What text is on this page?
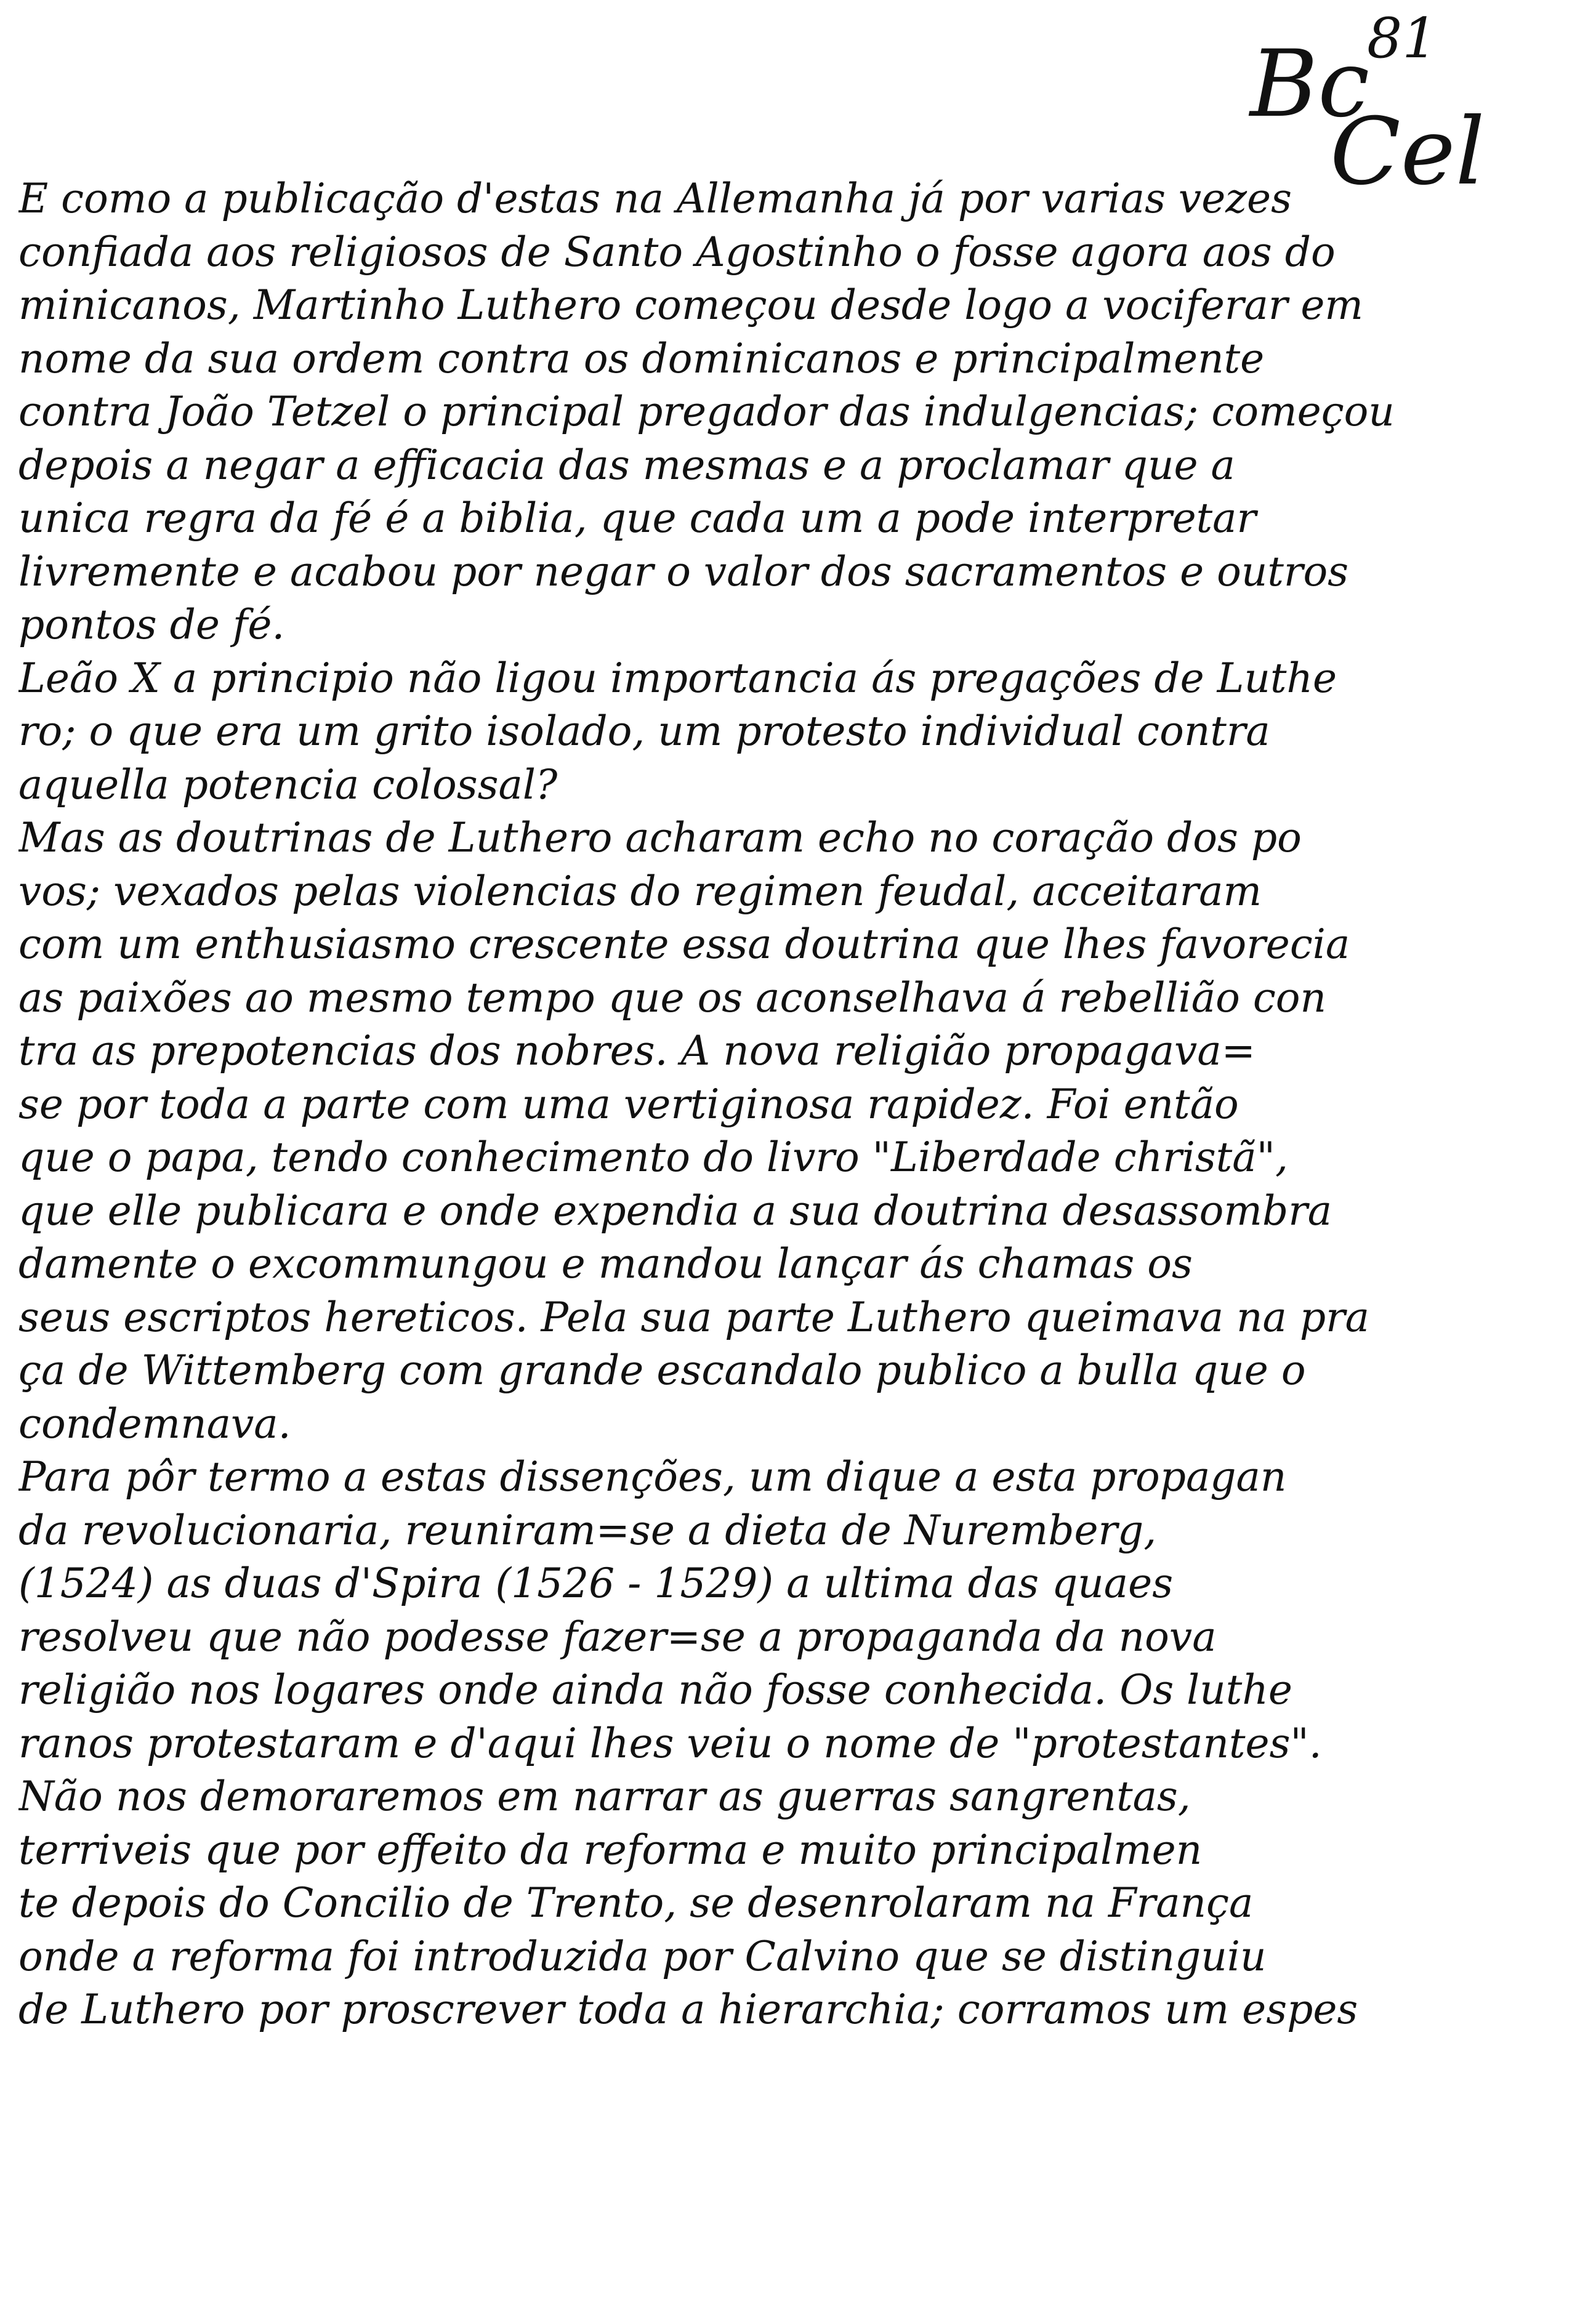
81
Bc
Cel
E como a publicação d'estas na Allemanha já por varias vezes
confiada aos religiosos de Santo Agostinho o fosse agora aos do
minicanos, Martinho Luthero começou desde logo a vociferar em
nome da sua ordem contra os dominicanos e principalmente
contra João Tetzel o principal pregador das indulgencias; começou
depois a negar a efficacia das mesmas e a proclamar que a
unica regra da fé é a biblia, que cada um a pode interpretar
livremente e acabou por negar o valor dos sacramentos e outros
pontos de fé.
Leão X a principio não ligou importancia ás pregações de Luthe
ro; o que era um grito isolado, um protesto individual contra
aquella potencia colossal?
Mas as doutrinas de Luthero acharam echo no coração dos po
vos; vexados pelas violencias do regimen feudal, acceitaram
com um enthusiasmo crescente essa doutrina que lhes favorecia
as paixões ao mesmo tempo que os aconselhava á rebellião con
tra as prepotencias dos nobres. A nova religião propagava=
se por toda a parte com uma vertiginosa rapidez. Foi então
que o papa, tendo conhecimento do livro "Liberdade christã",
que elle publicara e onde expendia a sua doutrina desassombra
damente o excommungou e mandou lançar ás chamas os
seus escriptos hereticos. Pela sua parte Luthero queimava na pra
ça de Wittemberg com grande escandalo publico a bulla que o
condemnava.
Para pôr termo a estas dissenções, um dique a esta propagan
da revolucionaria, reuniram=se a dieta de Nuremberg,
(1524) as duas d'Spira (1526 - 1529) a ultima das quaes
resolveu que não podesse fazer=se a propaganda da nova
religião nos logares onde ainda não fosse conhecida. Os luthe
ranos protestaram e d'aqui lhes veiu o nome de "protestantes".
Não nos demoraremos em narrar as guerras sangrentas,
terriveis que por effeito da reforma e muito principalmen
te depois do Concilio de Trento, se desenrolaram na França
onde a reforma foi introduzida por Calvino que se distinguiu
de Luthero por proscrever toda a hierarchia; corramos um espes
